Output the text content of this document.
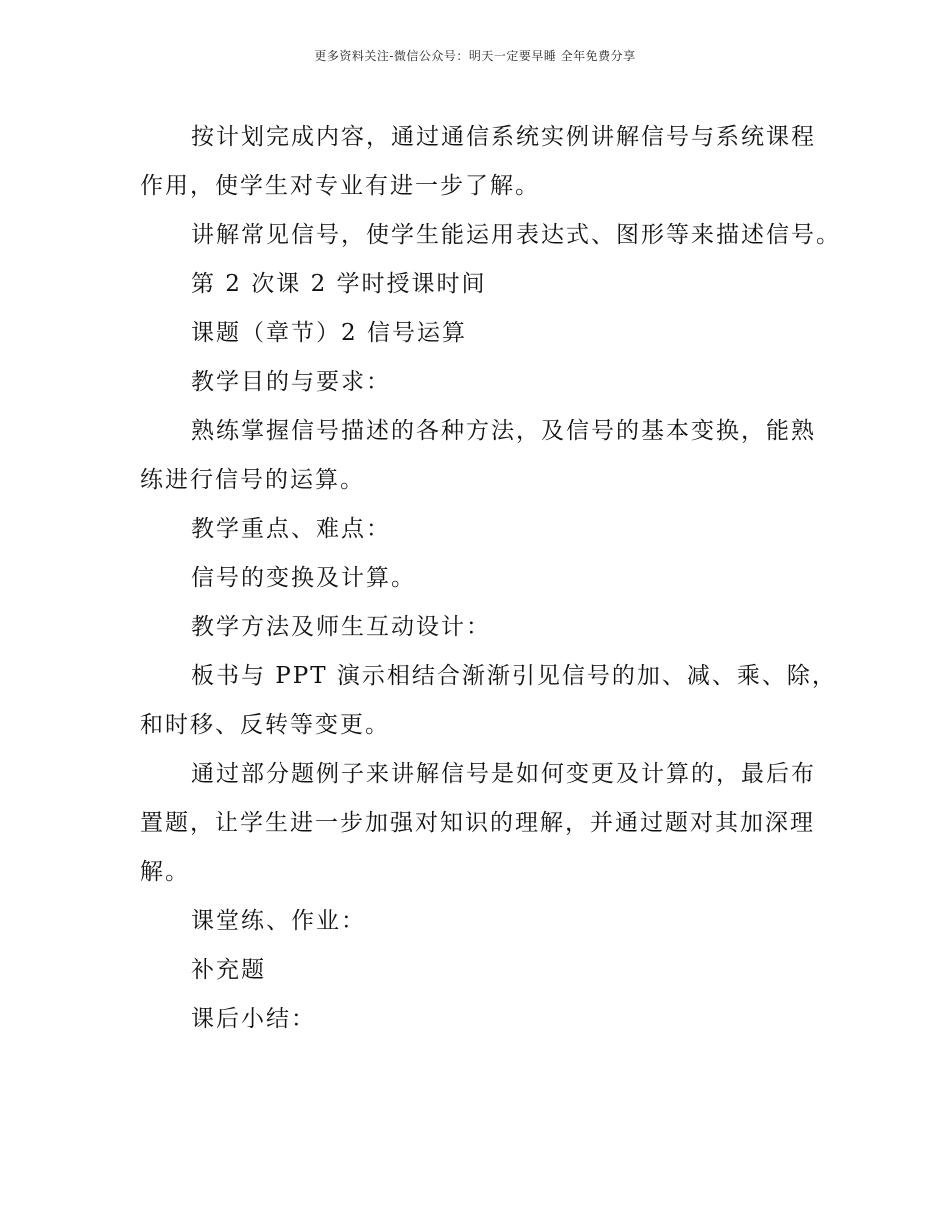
更多资料关注-微信公众号：明天一定要早睡 全年免费分享

按计划完成内容，通过通信系统实例讲解信号与系统课程

作用，使学生对专业有进一步了解。

讲解常见信号，使学生能运用表达式、图形等来描述信号。

第 2 次课 2 学时授课时间

课题（章节）2 信号运算

教学目的与要求：

熟练掌握信号描述的各种方法，及信号的基本变换，能熟

练进行信号的运算。

教学重点、难点：

信号的变换及计算。

教学方法及师生互动设计：

板书与 PPT 演示相结合渐渐引见信号的加、减、乘、除，

和时移、反转等变更。

通过部分题例子来讲解信号是如何变更及计算的，最后布

置题，让学生进一步加强对知识的理解，并通过题对其加深理

解。

课堂练、作业：

补充题

课后小结：
